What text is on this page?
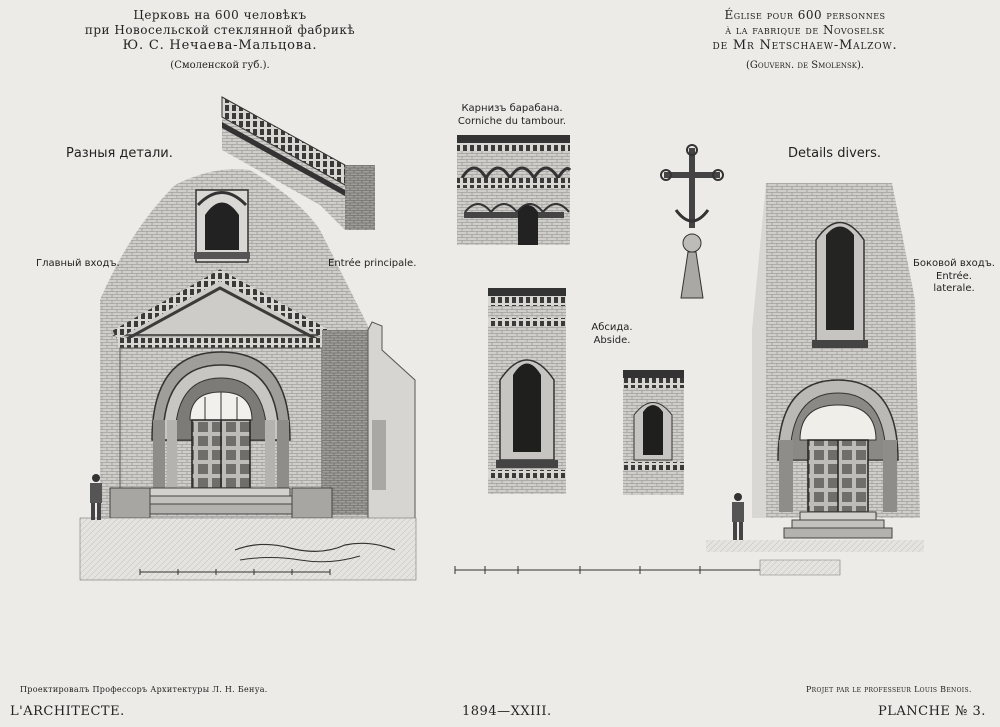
Церковь на 600 человѣкъ
при Новосельской стеклянной фабрикѣ
Ю. С. Нечаева-Мальцова.
(Смоленской губ.).
Église pour 600 personnes
à la fabrique de Novoselsk
de Mr Netschaew-Malzow.
(Gouvern. de Smolensk).
Разныя детали.	Details divers.
Главный входъ.	Entrée principale.
Карнизъ барабана.
Corniche du tambour.
Абсида.
Abside.
Боковой входъ.
Entrée.
laterale.
Проектировалъ Профессоръ Архитектуры Л. Н. Бенуа.	Projet par le professeur Louis Benois.
L'ARCHITECTE.	1894—XXIII.	PLANCHE № 3.
